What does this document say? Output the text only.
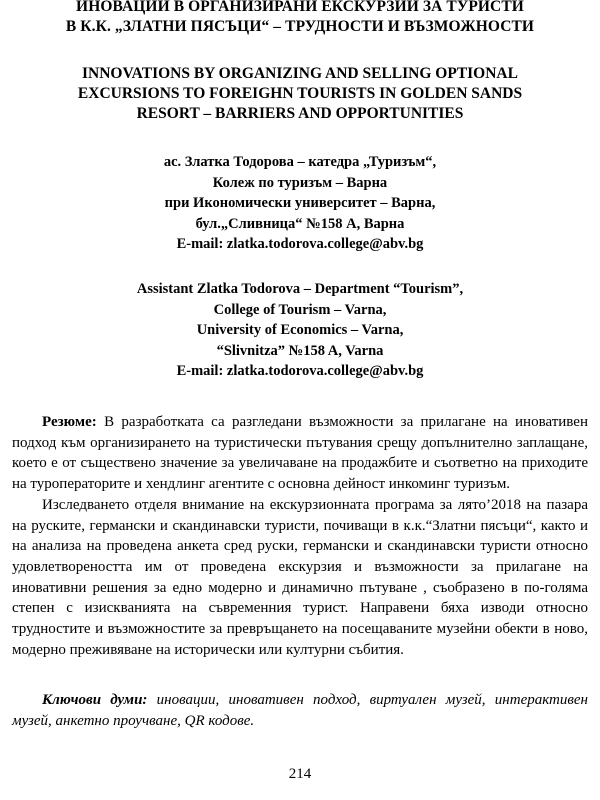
ИНОВАЦИИ В ОРГАНИЗИРАНИ ЕКСКУРЗИИ ЗА ТУРИСТИ
В К.К. „ЗЛАТНИ ПЯСЪЦИ“ – ТРУДНОСТИ И ВЪЗМОЖНОСТИ
INNOVATIONS BY ORGANIZING AND SELLING OPTIONAL
EXCURSIONS TO FOREIGHN TOURISTS IN GOLDEN SANDS
RESORT – BARRIERS AND OPPORTUNITIES
ас. Златка Тодорова – катедра „Туризъм“,
Колеж по туризъм – Варна
при Икономически университет – Варна,
бул.„Сливница“ №158 А, Варна
E-mail: zlatka.todorova.college@abv.bg
Assistant Zlatka Todorova – Department “Tourism”,
College of Tourism – Varna,
University of Economics – Varna,
“Slivnitza” №158 A, Varna
E-mail: zlatka.todorova.college@abv.bg

Резюме: В разработката са разгледани възможности за прилагане на иновативен подход към организирането на туристически пътувания срещу допълнително заплащане, което е от съществено значение за увеличаване на продажбите и съответно на приходите на туроператорите и хендлинг агентите с основна дейност инкоминг туризъм.

Изследването отделя внимание на екскурзионната програма за лято’2018 на пазара на руските, германски и скандинавски туристи, почиващи в к.к.“Златни пясъци“, както и на анализа на проведена анкета сред руски, германски и скандинавски туристи относно удовлетвореността им от проведена екскурзия и възможности за прилагане на иновативни решения за едно модерно и динамично пътуване , съобразено в по-голяма степен с изискванията на съвременния турист. Направени бяха изводи относно трудностите и възможностите за превръщането на посещаваните музейни обекти в ново, модерно преживяване на исторически или културни събития.

Ключови думи: иновации, иновативен подход, виртуален музей, интерактивен музей, анкетно проучване, QR кодове.

214
